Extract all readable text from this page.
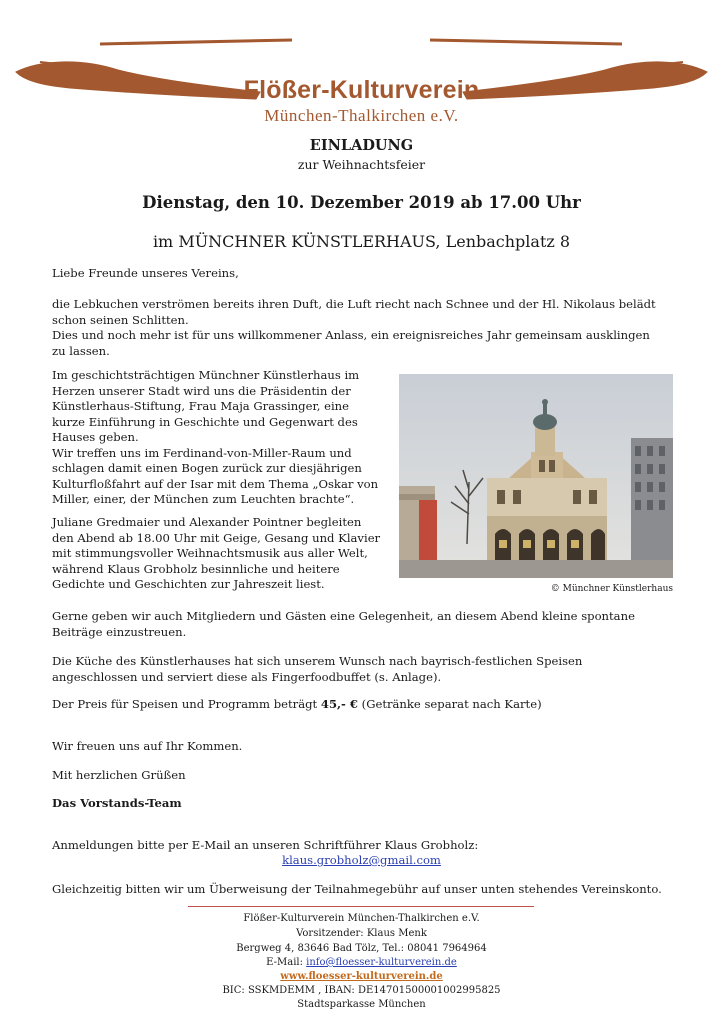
Flößer-Kulturverein
München-Thalkirchen e.V.
EINLADUNG
zur Weihnachtsfeier
Dienstag, den 10. Dezember 2019 ab 17.00 Uhr
im MÜNCHNER KÜNSTLERHAUS, Lenbachplatz 8
Liebe Freunde unseres Vereins,
die Lebkuchen verströmen bereits ihren Duft, die Luft riecht nach Schnee und der Hl. Nikolaus belädt
schon seinen Schlitten.
Dies und noch mehr ist für uns willkommener Anlass, ein ereignisreiches Jahr gemeinsam ausklingen
zu lassen.
Im geschichtsträchtigen Münchner Künstlerhaus im
Herzen unserer Stadt wird uns die Präsidentin der
Künstlerhaus-Stiftung, Frau Maja Grassinger, eine
kurze Einführung in Geschichte und Gegenwart des
Hauses geben.
Wir treffen uns im Ferdinand-von-Miller-Raum und
schlagen damit einen Bogen zurück zur diesjährigen
Kulturfloßfahrt auf der Isar mit dem Thema „Oskar von
Miller, einer, der München zum Leuchten brachte“.
Juliane Gredmaier und Alexander Pointner begleiten
den Abend ab 18.00 Uhr mit Geige, Gesang und Klavier
mit stimmungsvoller Weihnachtsmusik aus aller Welt,
während Klaus Grobholz besinnliche und heitere
Gedichte und Geschichten zur Jahreszeit liest.	© Münchner Künstlerhaus
Gerne geben wir auch Mitgliedern und Gästen eine Gelegenheit, an diesem Abend kleine spontane
Beiträge einzustreuen.
Die Küche des Künstlerhauses hat sich unserem Wunsch nach bayrisch-festlichen Speisen
angeschlossen und serviert diese als Fingerfoodbuffet (s. Anlage).
Der Preis für Speisen und Programm beträgt 45,- € (Getränke separat nach Karte)
Wir freuen uns auf Ihr Kommen.
Mit herzlichen Grüßen
Das Vorstands-Team
Anmeldungen bitte per E-Mail an unseren Schriftführer Klaus Grobholz:
klaus.grobholz@gmail.com
Gleichzeitig bitten wir um Überweisung der Teilnahmegebühr auf unser unten stehendes Vereinskonto.
Flößer-Kulturverein München-Thalkirchen e.V.
Vorsitzender: Klaus Menk
Bergweg 4, 83646 Bad Tölz, Tel.: 08041 7964964
E-Mail: info@floesser-kulturverein.de
www.floesser-kulturverein.de
BIC: SSKMDEMM , IBAN: DE14701500001002995825
Stadtsparkasse München
